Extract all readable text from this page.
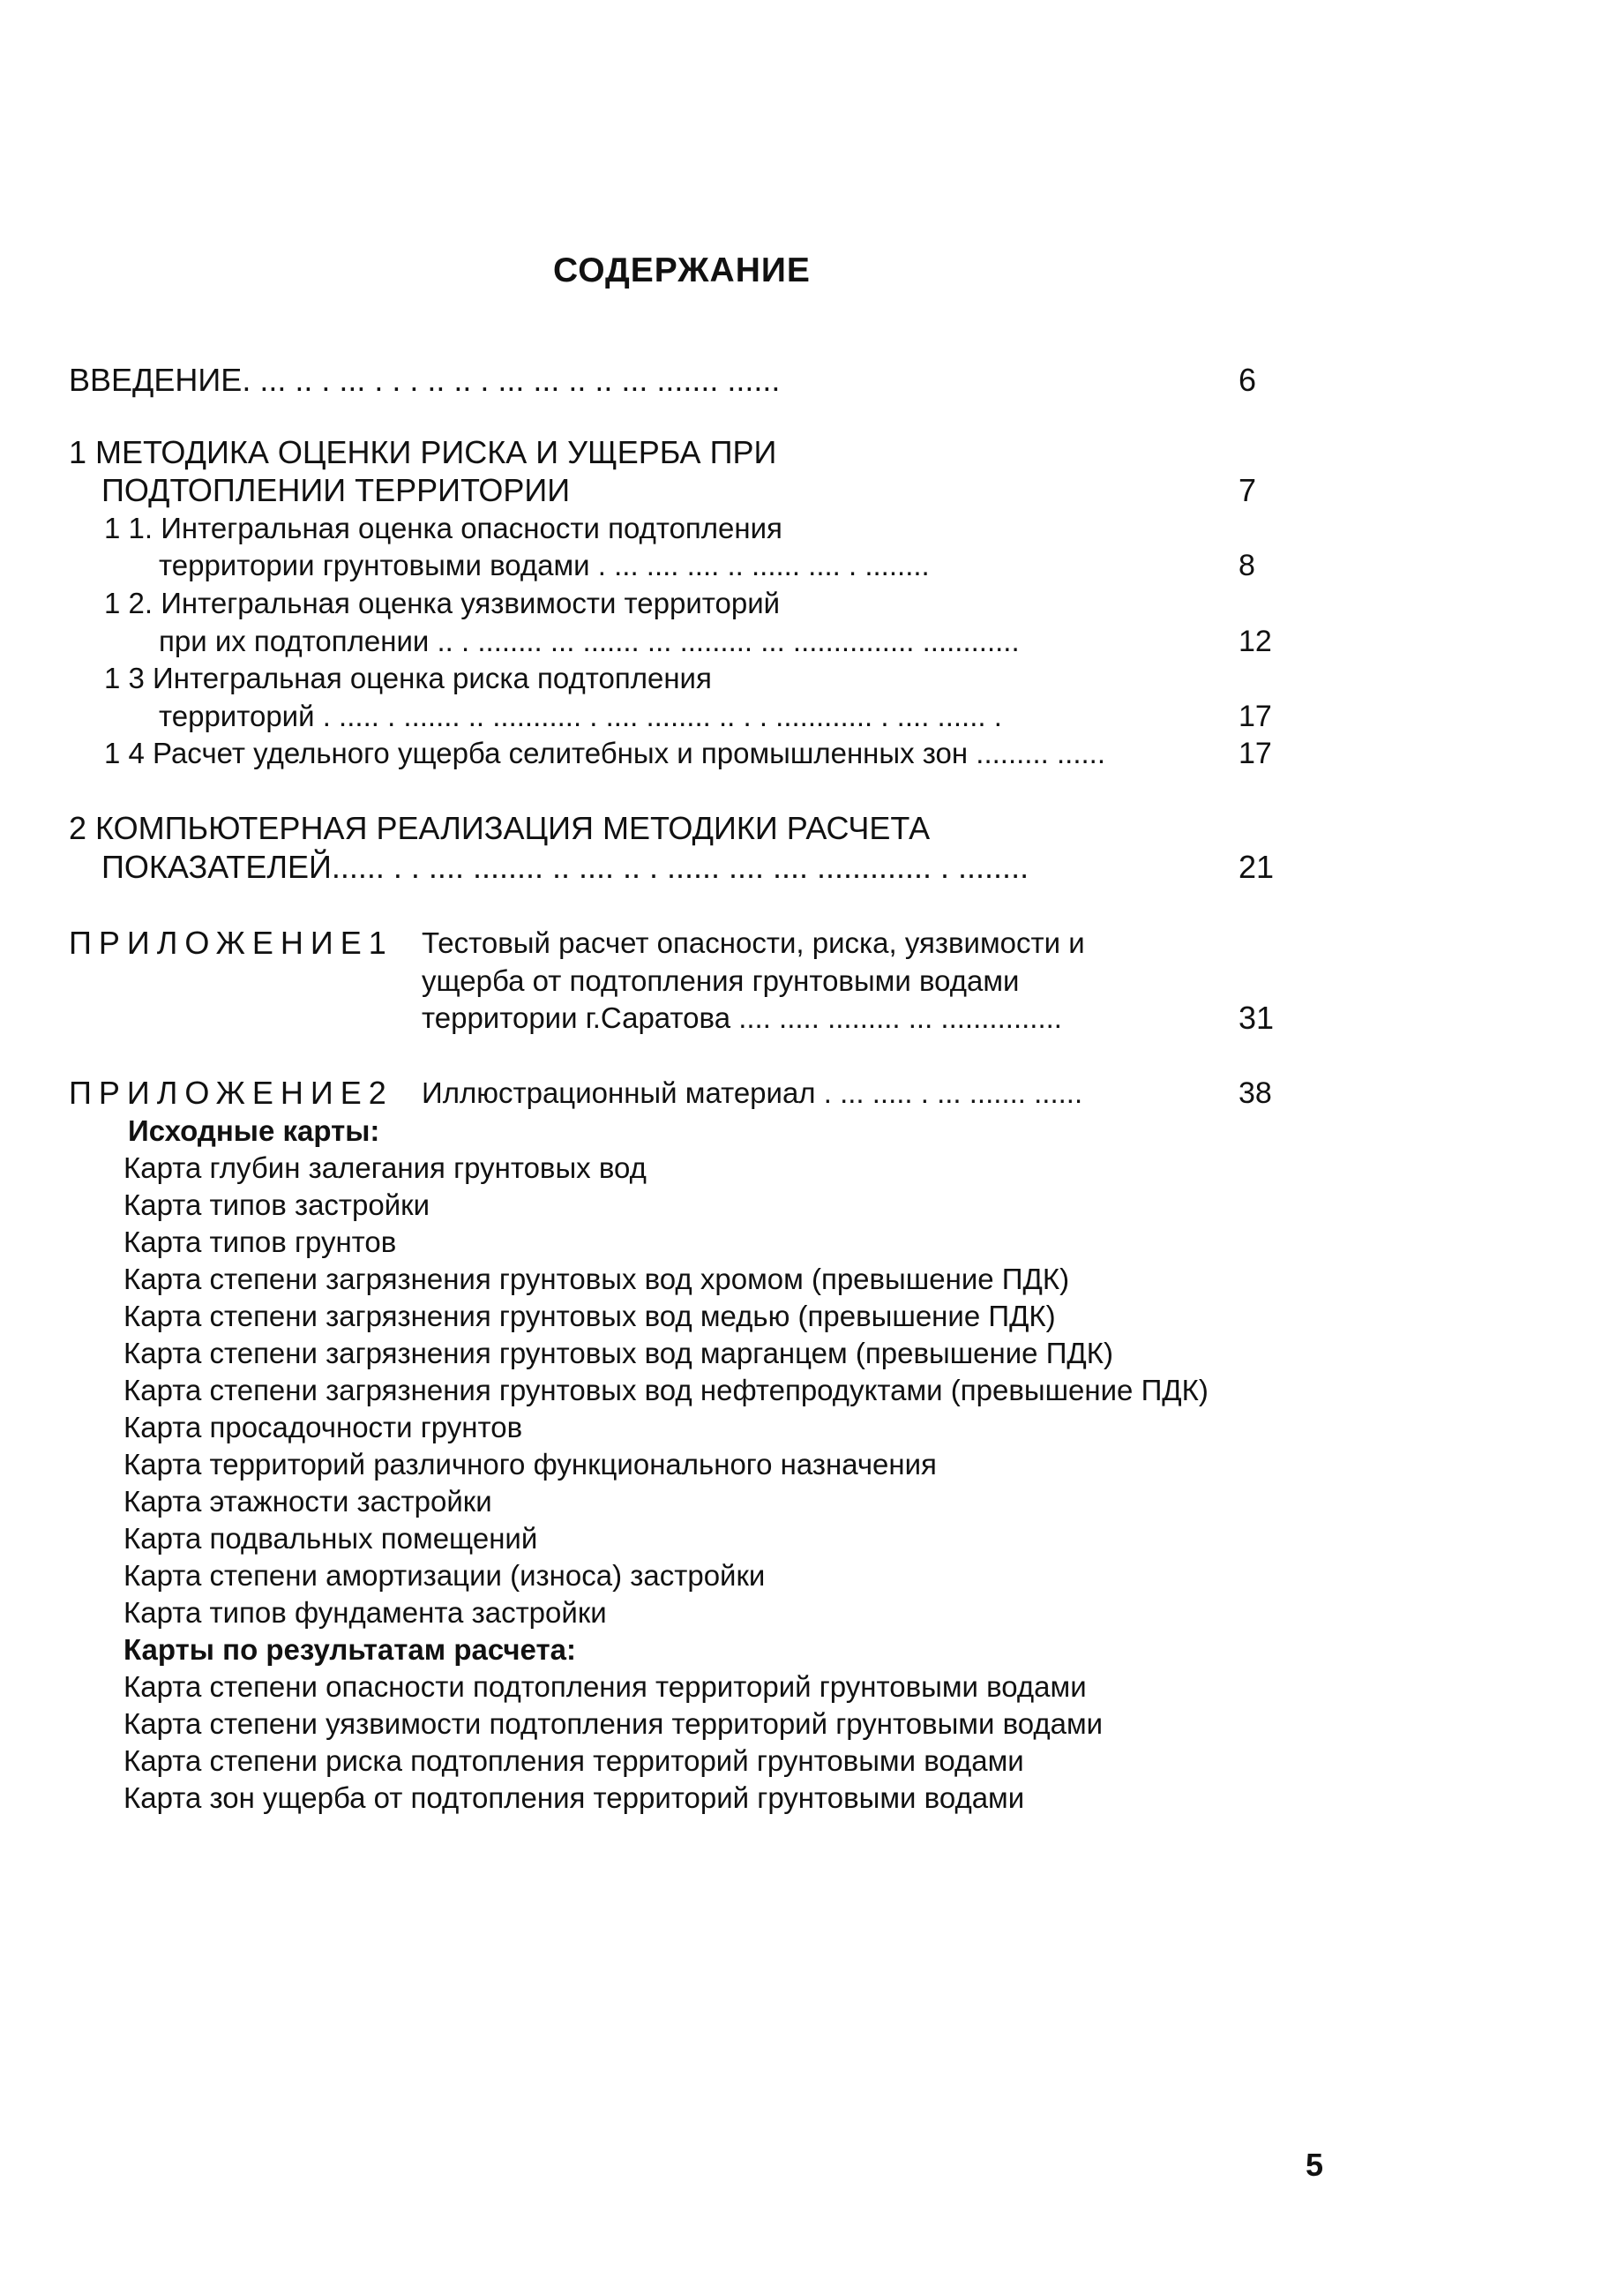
СОДЕРЖАНИЕ
ВВЕДЕНИЕ. ... .. . ... . . . .. .. . ... ... .. .. ... ....... ......	6
1 МЕТОДИКА ОЦЕНКИ РИСКА И УЩЕРБА ПРИ
ПОДТОПЛЕНИИ ТЕРРИТОРИИ	7
1 1. Интегральная оценка опасности подтопления
территории грунтовыми водами . ... .... .... .. ...... .... . ........	8
1 2. Интегральная оценка уязвимости территорий
при их подтоплении .. . ........ ... ....... ... ......... ... ............... ............	12
1 3 Интегральная оценка риска подтопления
территорий . ..... . ....... .. ........... . .... ........ .. . . ............ . .... ...... .	17
1 4 Расчет удельного ущерба селитебных и промышленных зон ......... ......	17
2 КОМПЬЮТЕРНАЯ РЕАЛИЗАЦИЯ МЕТОДИКИ РАСЧЕТА
ПОКАЗАТЕЛЕЙ...... . . .... ........ .. .... .. . ...... .... .... ............. . ........	21
ПРИЛОЖЕНИЕ1 Тестовый расчет опасности, риска, уязвимости и
ущерба от подтопления грунтовыми водами
территории г.Саратова .... ..... ......... ... ...............	31
ПРИЛОЖЕНИЕ2 Иллюстрационный материал . ... ..... . ... ....... ......	38
Исходные карты:
Карта глубин залегания грунтовых вод
Карта типов застройки
Карта типов грунтов
Карта степени загрязнения грунтовых вод хромом (превышение ПДК)
Карта степени загрязнения грунтовых вод медью (превышение ПДК)
Карта степени загрязнения грунтовых вод марганцем (превышение ПДК)
Карта степени загрязнения грунтовых вод нефтепродуктами (превышение ПДК)
Карта просадочности грунтов
Карта территорий различного функционального назначения
Карта этажности застройки
Карта подвальных помещений
Карта степени амортизации (износа) застройки
Карта типов фундамента застройки
Карты по результатам расчета:
Карта степени опасности подтопления территорий грунтовыми водами
Карта степени уязвимости подтопления территорий грунтовыми водами
Карта степени риска подтопления территорий грунтовыми водами
Карта зон ущерба от подтопления территорий грунтовыми водами
5
